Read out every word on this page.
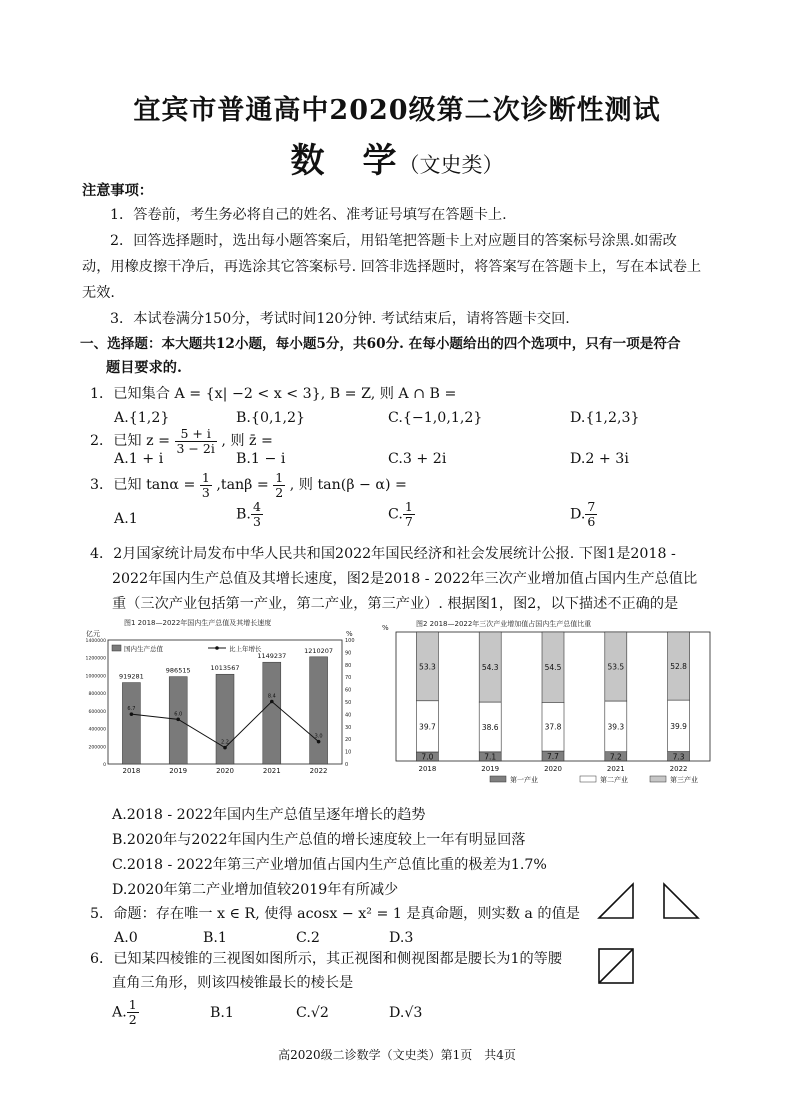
宜宾市普通高中2020级第二次诊断性测试
数　学（文史类）
注意事项：
1．答卷前，考生务必将自己的姓名、准考证号填写在答题卡上.
2．回答选择题时，选出每小题答案后，用铅笔把答题卡上对应题目的答案标号涂黑.如需改
动，用橡皮擦干净后，再选涂其它答案标号. 回答非选择题时，将答案写在答题卡上，写在本试卷上
无效.
3．本试卷满分150分，考试时间120分钟. 考试结束后，请将答题卡交回.
一、选择题：本大题共12小题，每小题5分，共60分. 在每小题给出的四个选项中，只有一项是符合
题目要求的.
1．已知集合 A = {x| −2 < x < 3}, B = Z, 则 A ∩ B =
A.{1,2}	B.{0,1,2}	C.{−1,0,1,2}	D.{1,2,3}
2．已知 $z = \frac{5 + i}{3 - 2i}$ , 则 z̄ =
A.1 + i	B.1 − i	C.3 + 2i	D.2 + 3i
3．已知 $\tan\alpha = \frac{1}{3} ,\tan\beta = \frac{1}{2}$ , 则 tan(β − α) =
A.1	B. $\frac{4}{3}$	C. $\frac{1}{7}$	D. $\frac{7}{6}$
4．2月国家统计局发布中华人民共和国2022年国民经济和社会发展统计公报. 下图1是2018 -
2022年国内生产总值及其增长速度，图2是2018 - 2022年三次产业增加值占国内生产总值比
重（三次产业包括第一产业，第二产业，第三产业）. 根据图1，图2，以下描述不正确的是
图1 2018—2022年国内生产总值及其增长速度
亿元	%
0
200000
400000
600000
800000
1000000
1200000
1400000
0
10
20
30
40
50
60
70
80
90
100
919281
2018
986515
2019
1013567
2020
1149237
2021
1210207
2022
6.7
6.0
2.2
8.4
3.0
国内生产总值	比上年增长
图2 2018—2022年三次产业增加值占国内生产总值比重
%
7.0
39.7
53.3
2018
7.1
38.6
54.3
2019
7.7
37.8
54.5
2020
7.2
39.3
53.5
2021
7.3
39.9
52.8
2022
第一产业	第二产业	第三产业
A.2018 - 2022年国内生产总值呈逐年增长的趋势
B.2020年与2022年国内生产总值的增长速度较上一年有明显回落
C.2018 - 2022年第三产业增加值占国内生产总值比重的极差为1.7%
D.2020年第二产业增加值较2019年有所减少
5．命题：存在唯一 x ∈ R, 使得 acosx − x² = 1 是真命题，则实数 a 的值是
A.0	B.1	C.2	D.3
6．已知某四棱锥的三视图如图所示，其正视图和侧视图都是腰长为1的等腰
直角三角形，则该四棱锥最长的棱长是
A. $\frac{1}{2}$	B.1	C.√2	D.√3
高2020级二诊数学（文史类）第1页　共4页
